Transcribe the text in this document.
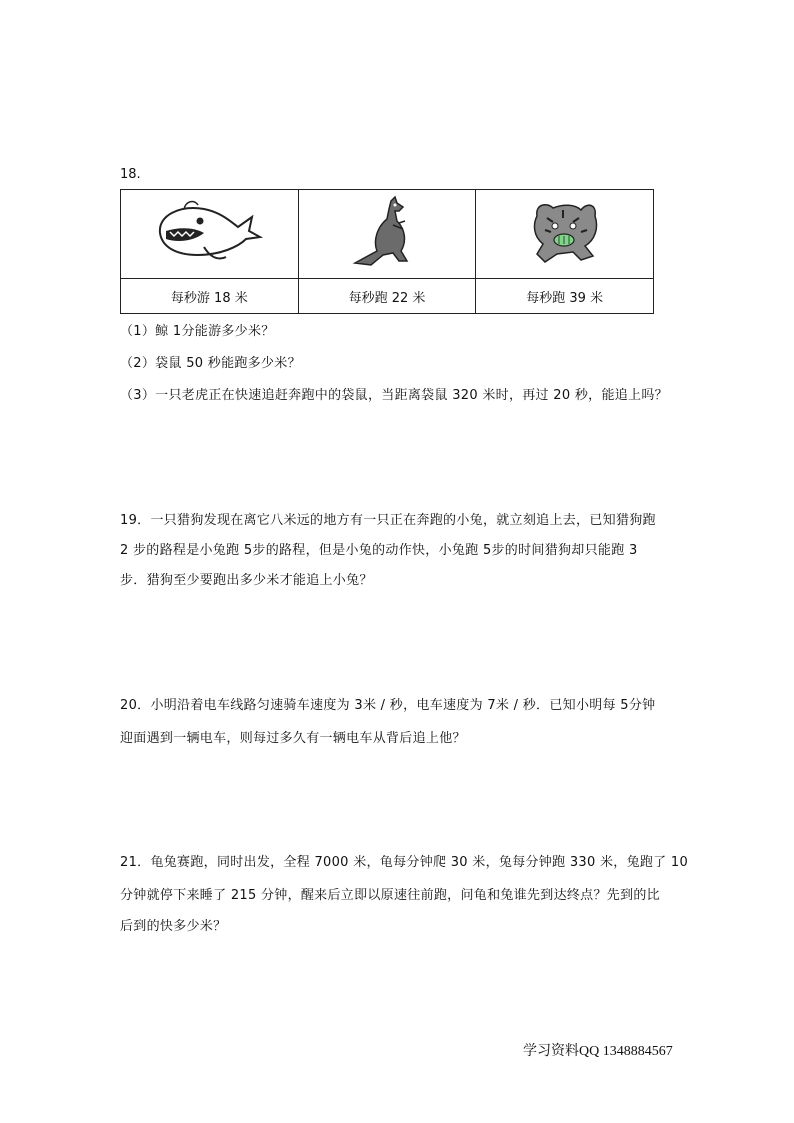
18.

每秒游 18 米	每秒跑 22 米	每秒跑 39 米
（1）鲸 1分能游多少米？
（2）袋鼠 50 秒能跑多少米？
（3）一只老虎正在快速追赶奔跑中的袋鼠，当距离袋鼠 320 米时，再过 20 秒，能追上吗？
19．一只猎狗发现在离它八米远的地方有一只正在奔跑的小兔，就立刻追上去，已知猎狗跑
2 步的路程是小兔跑 5步的路程，但是小兔的动作快，小兔跑 5步的时间猎狗却只能跑 3
步．猎狗至少要跑出多少米才能追上小兔？
20．小明沿着电车线路匀速骑车速度为 3米 / 秒，电车速度为 7米 / 秒．已知小明每 5分钟
迎面遇到一辆电车，则每过多久有一辆电车从背后追上他？
21．龟兔赛跑，同时出发，全程 7000 米，龟每分钟爬 30 米，兔每分钟跑 330 米，兔跑了 10
分钟就停下来睡了 215 分钟，醒来后立即以原速往前跑，问龟和兔谁先到达终点？先到的比
后到的快多少米？
学习资料QQ 1348884567
